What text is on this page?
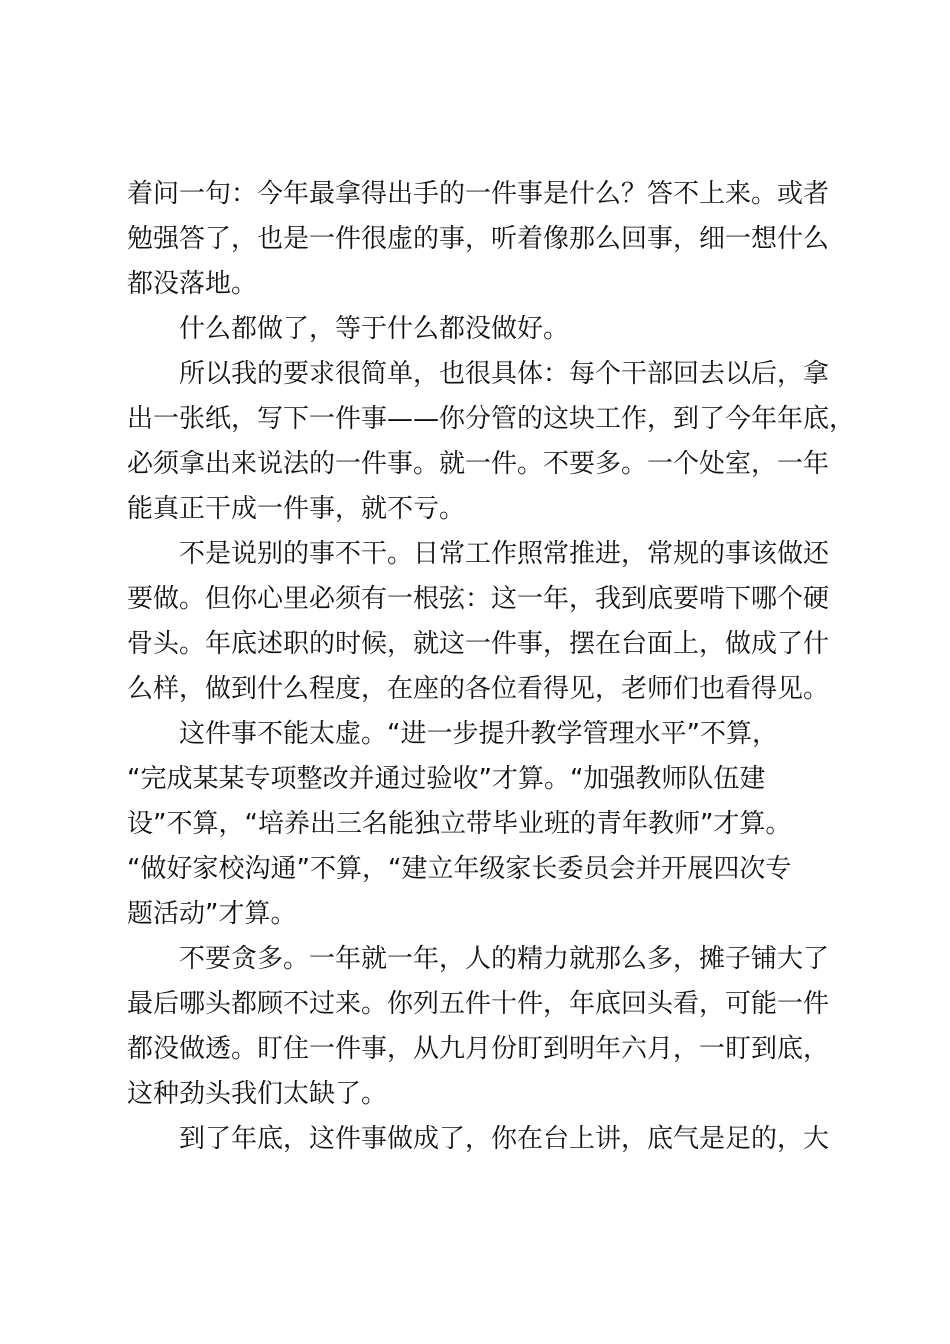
着问一句：今年最拿得出手的一件事是什么？答不上来。或者
勉强答了，也是一件很虚的事，听着像那么回事，细一想什么
都没落地。
什么都做了，等于什么都没做好。
所以我的要求很简单，也很具体：每个干部回去以后，拿
出一张纸，写下一件事——你分管的这块工作，到了今年年底，
必须拿出来说法的一件事。就一件。不要多。一个处室，一年
能真正干成一件事，就不亏。
不是说别的事不干。日常工作照常推进，常规的事该做还
要做。但你心里必须有一根弦：这一年，我到底要啃下哪个硬
骨头。年底述职的时候，就这一件事，摆在台面上，做成了什
么样，做到什么程度，在座的各位看得见，老师们也看得见。
这件事不能太虚。“进一步提升教学管理水平”不算，
“完成某某专项整改并通过验收”才算。“加强教师队伍建
设”不算，“培养出三名能独立带毕业班的青年教师”才算。
“做好家校沟通”不算，“建立年级家长委员会并开展四次专
题活动”才算。
不要贪多。一年就一年，人的精力就那么多，摊子铺大了
最后哪头都顾不过来。你列五件十件，年底回头看，可能一件
都没做透。盯住一件事，从九月份盯到明年六月，一盯到底，
这种劲头我们太缺了。
到了年底，这件事做成了，你在台上讲，底气是足的，大
